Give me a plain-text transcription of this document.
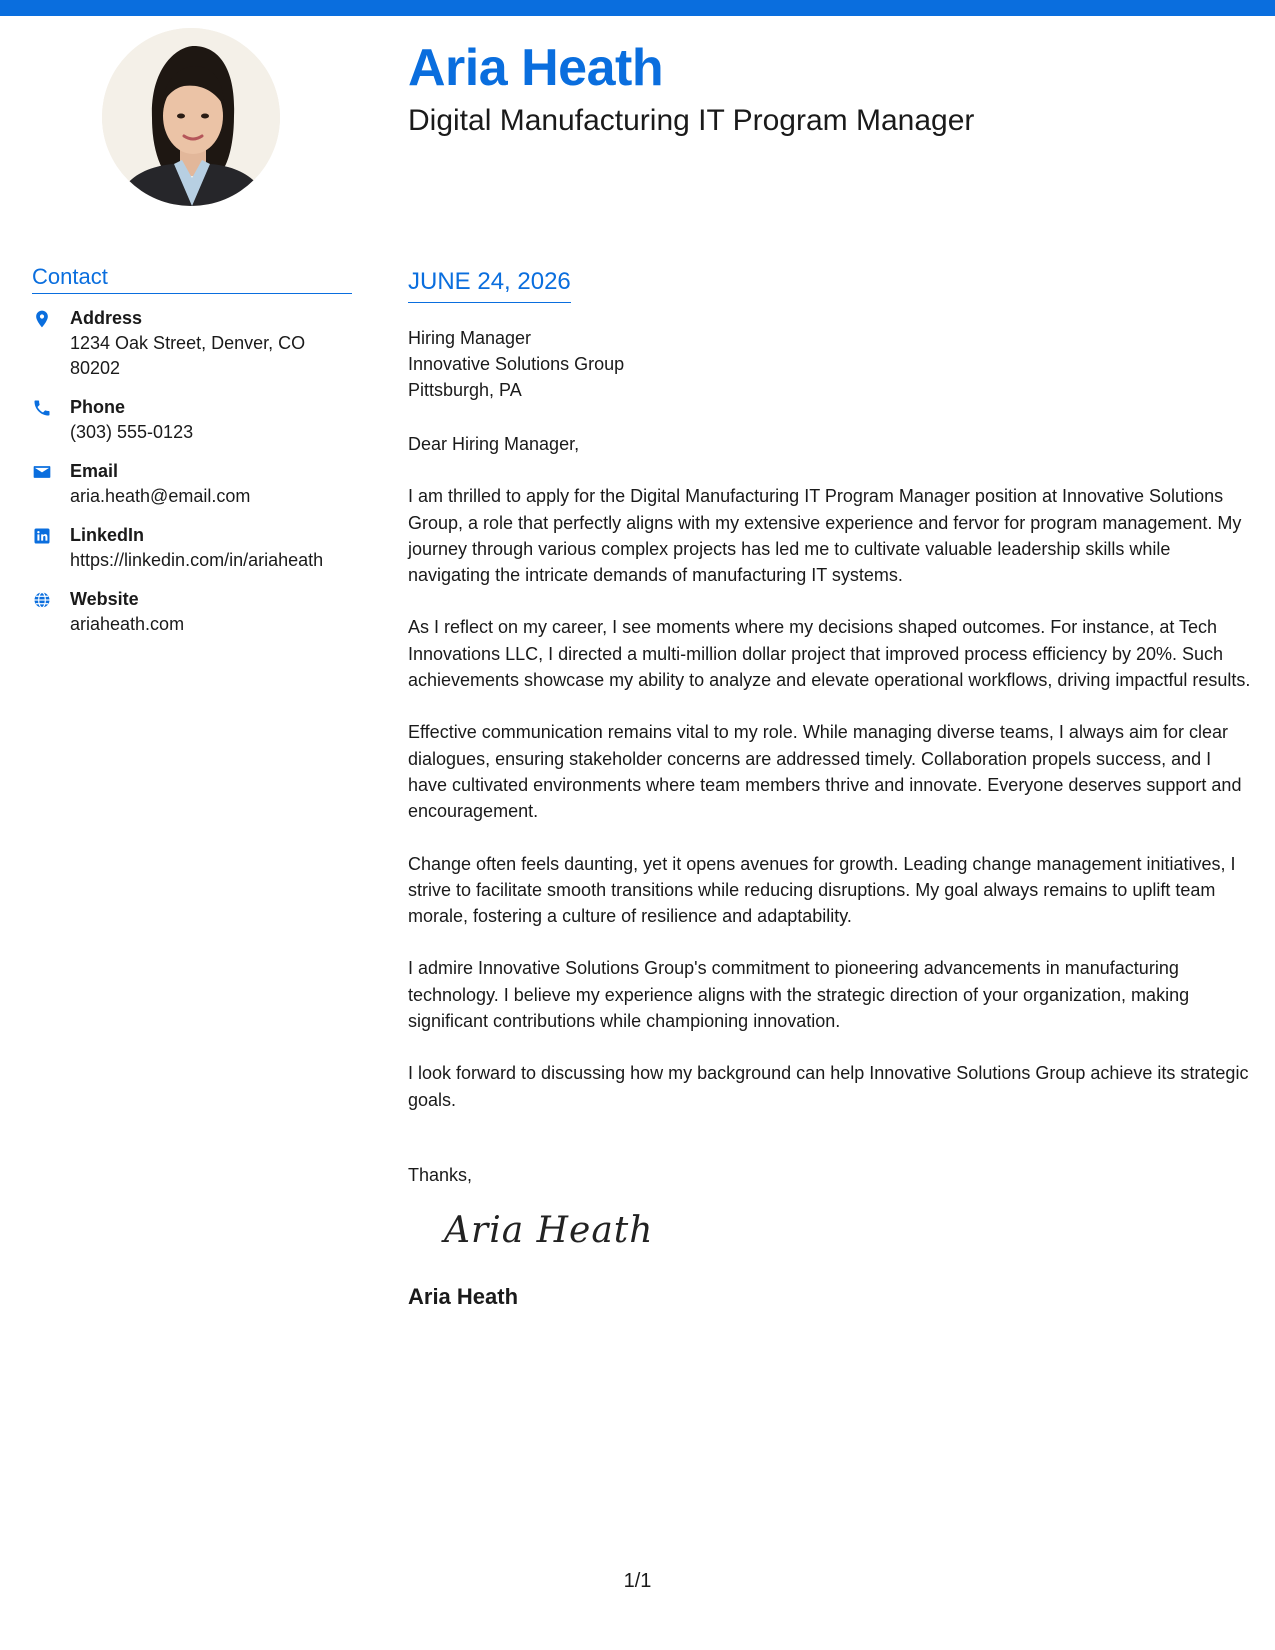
Aria Heath
Digital Manufacturing IT Program Manager
Contact
Address
1234 Oak Street, Denver, CO 80202
Phone
(303) 555-0123
Email
aria.heath@email.com
LinkedIn
https://linkedin.com/in/ariaheath
Website
ariaheath.com
JUNE 24, 2026
Hiring Manager
Innovative Solutions Group
Pittsburgh, PA

Dear Hiring Manager,

I am thrilled to apply for the Digital Manufacturing IT Program Manager position at Innovative Solutions Group, a role that perfectly aligns with my extensive experience and fervor for program management. My journey through various complex projects has led me to cultivate valuable leadership skills while navigating the intricate demands of manufacturing IT systems.

As I reflect on my career, I see moments where my decisions shaped outcomes. For instance, at Tech Innovations LLC, I directed a multi-million dollar project that improved process efficiency by 20%. Such achievements showcase my ability to analyze and elevate operational workflows, driving impactful results.

Effective communication remains vital to my role. While managing diverse teams, I always aim for clear dialogues, ensuring stakeholder concerns are addressed timely. Collaboration propels success, and I have cultivated environments where team members thrive and innovate. Everyone deserves support and encouragement.

Change often feels daunting, yet it opens avenues for growth. Leading change management initiatives, I strive to facilitate smooth transitions while reducing disruptions. My goal always remains to uplift team morale, fostering a culture of resilience and adaptability.

I admire Innovative Solutions Group's commitment to pioneering advancements in manufacturing technology. I believe my experience aligns with the strategic direction of your organization, making significant contributions while championing innovation.

I look forward to discussing how my background can help Innovative Solutions Group achieve its strategic goals.

Thanks,
Aria Heath
Aria Heath
1/1
